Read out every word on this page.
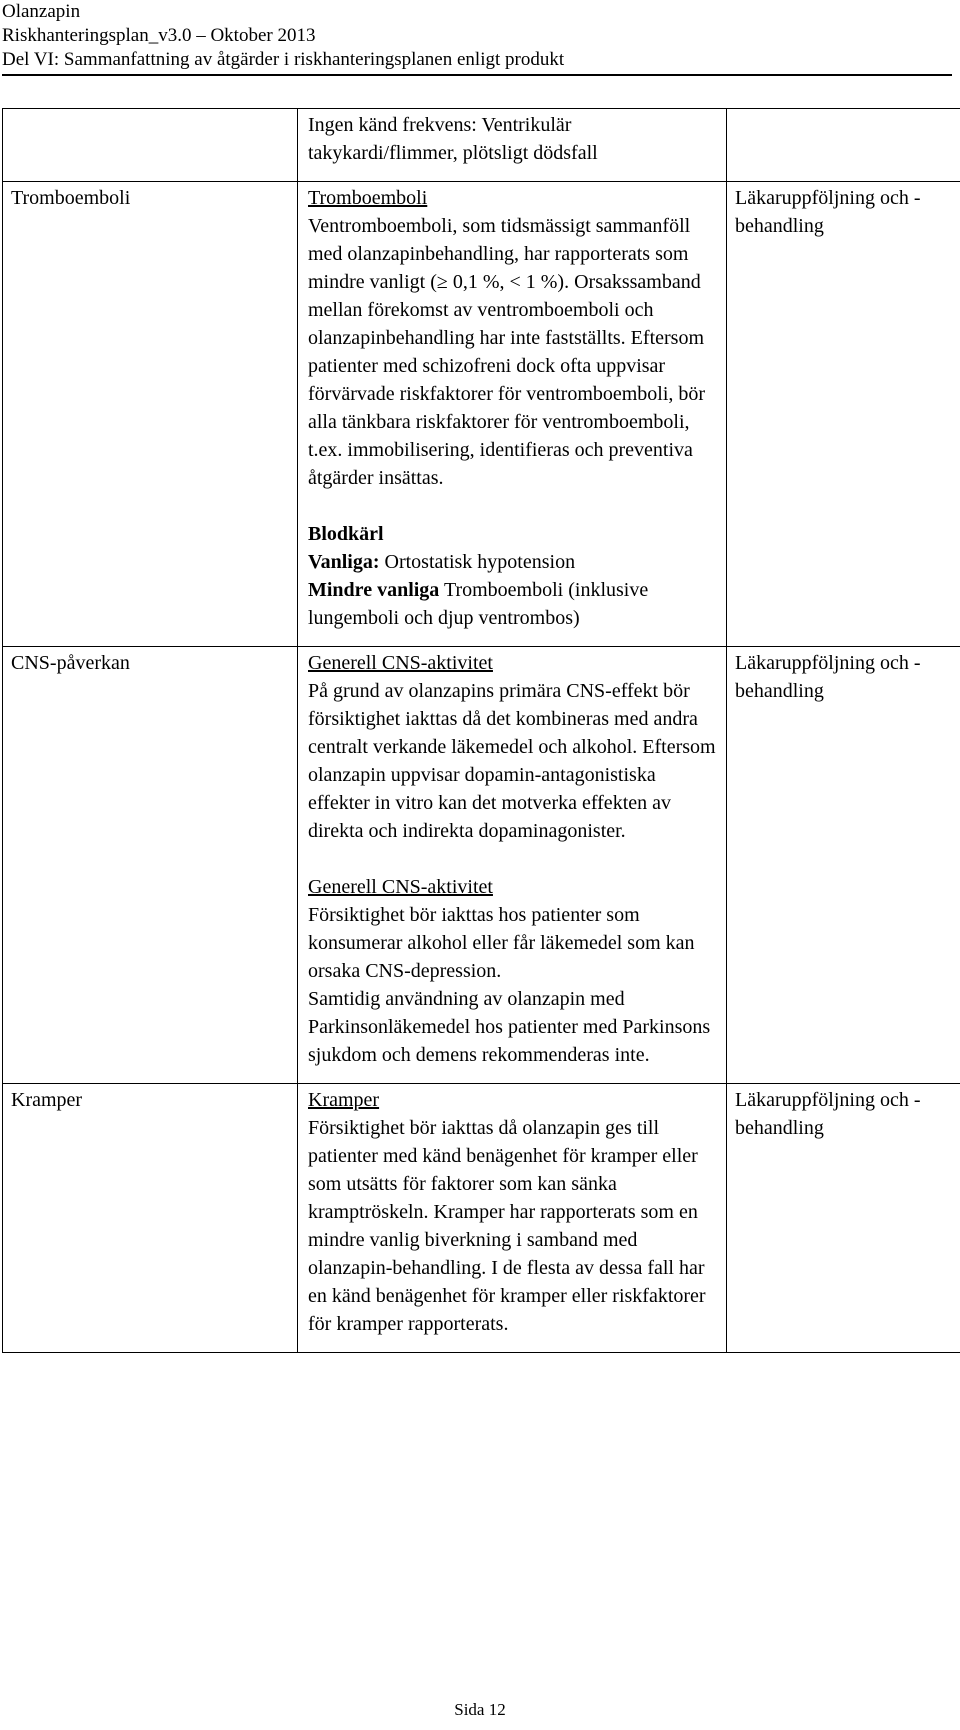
Olanzapin
Riskhanteringsplan_v3.0 – Oktober 2013
Del VI: Sammanfattning av åtgärder i riskhanteringsplanen enligt produkt

	Ingen känd frekvens: Ventrikulär takykardi/flimmer, plötsligt dödsfall	

Tromboemboli	Tromboemboli

Ventromboemboli, som tidsmässigt sammanföll med olanzapinbehandling, har rapporterats som mindre vanligt (≥ 0,1 %, < 1 %). Orsakssamband mellan förekomst av ventromboemboli och olanzapinbehandling har inte fastställts. Eftersom patienter med schizofreni dock ofta uppvisar förvärvade riskfaktorer för ventromboemboli, bör alla tänkbara riskfaktorer för ventromboemboli, t.ex. immobilisering, identifieras och preventiva åtgärder insättas.

Blodkärl
Vanliga: Ortostatisk hypotension
Mindre vanliga Tromboemboli (inklusive lungemboli och djup ventrombos)	Läkaruppföljning och -behandling
CNS-påverkan	Generell CNS-aktivitet

På grund av olanzapins primära CNS-effekt bör försiktighet iakttas då det kombineras med andra centralt verkande läkemedel och alkohol. Eftersom olanzapin uppvisar dopamin-antagonistiska effekter in vitro kan det motverka effekten av direkta och indirekta dopaminagonister.

Generell CNS-aktivitet

Försiktighet bör iakttas hos patienter som konsumerar alkohol eller får läkemedel som kan orsaka CNS-depression.

Samtidig användning av olanzapin med Parkinsonläkemedel hos patienter med Parkinsons sjukdom och demens rekommenderas inte.	Läkaruppföljning och -behandling
Kramper	Kramper

Försiktighet bör iakttas då olanzapin ges till patienter med känd benägenhet för kramper eller som utsätts för faktorer som kan sänka kramptröskeln. Kramper har rapporterats som en mindre vanlig biverkning i samband med olanzapin-behandling. I de flesta av dessa fall har en känd benägenhet för kramper eller riskfaktorer för kramper rapporterats.	Läkaruppföljning och -behandling
Sida 12
